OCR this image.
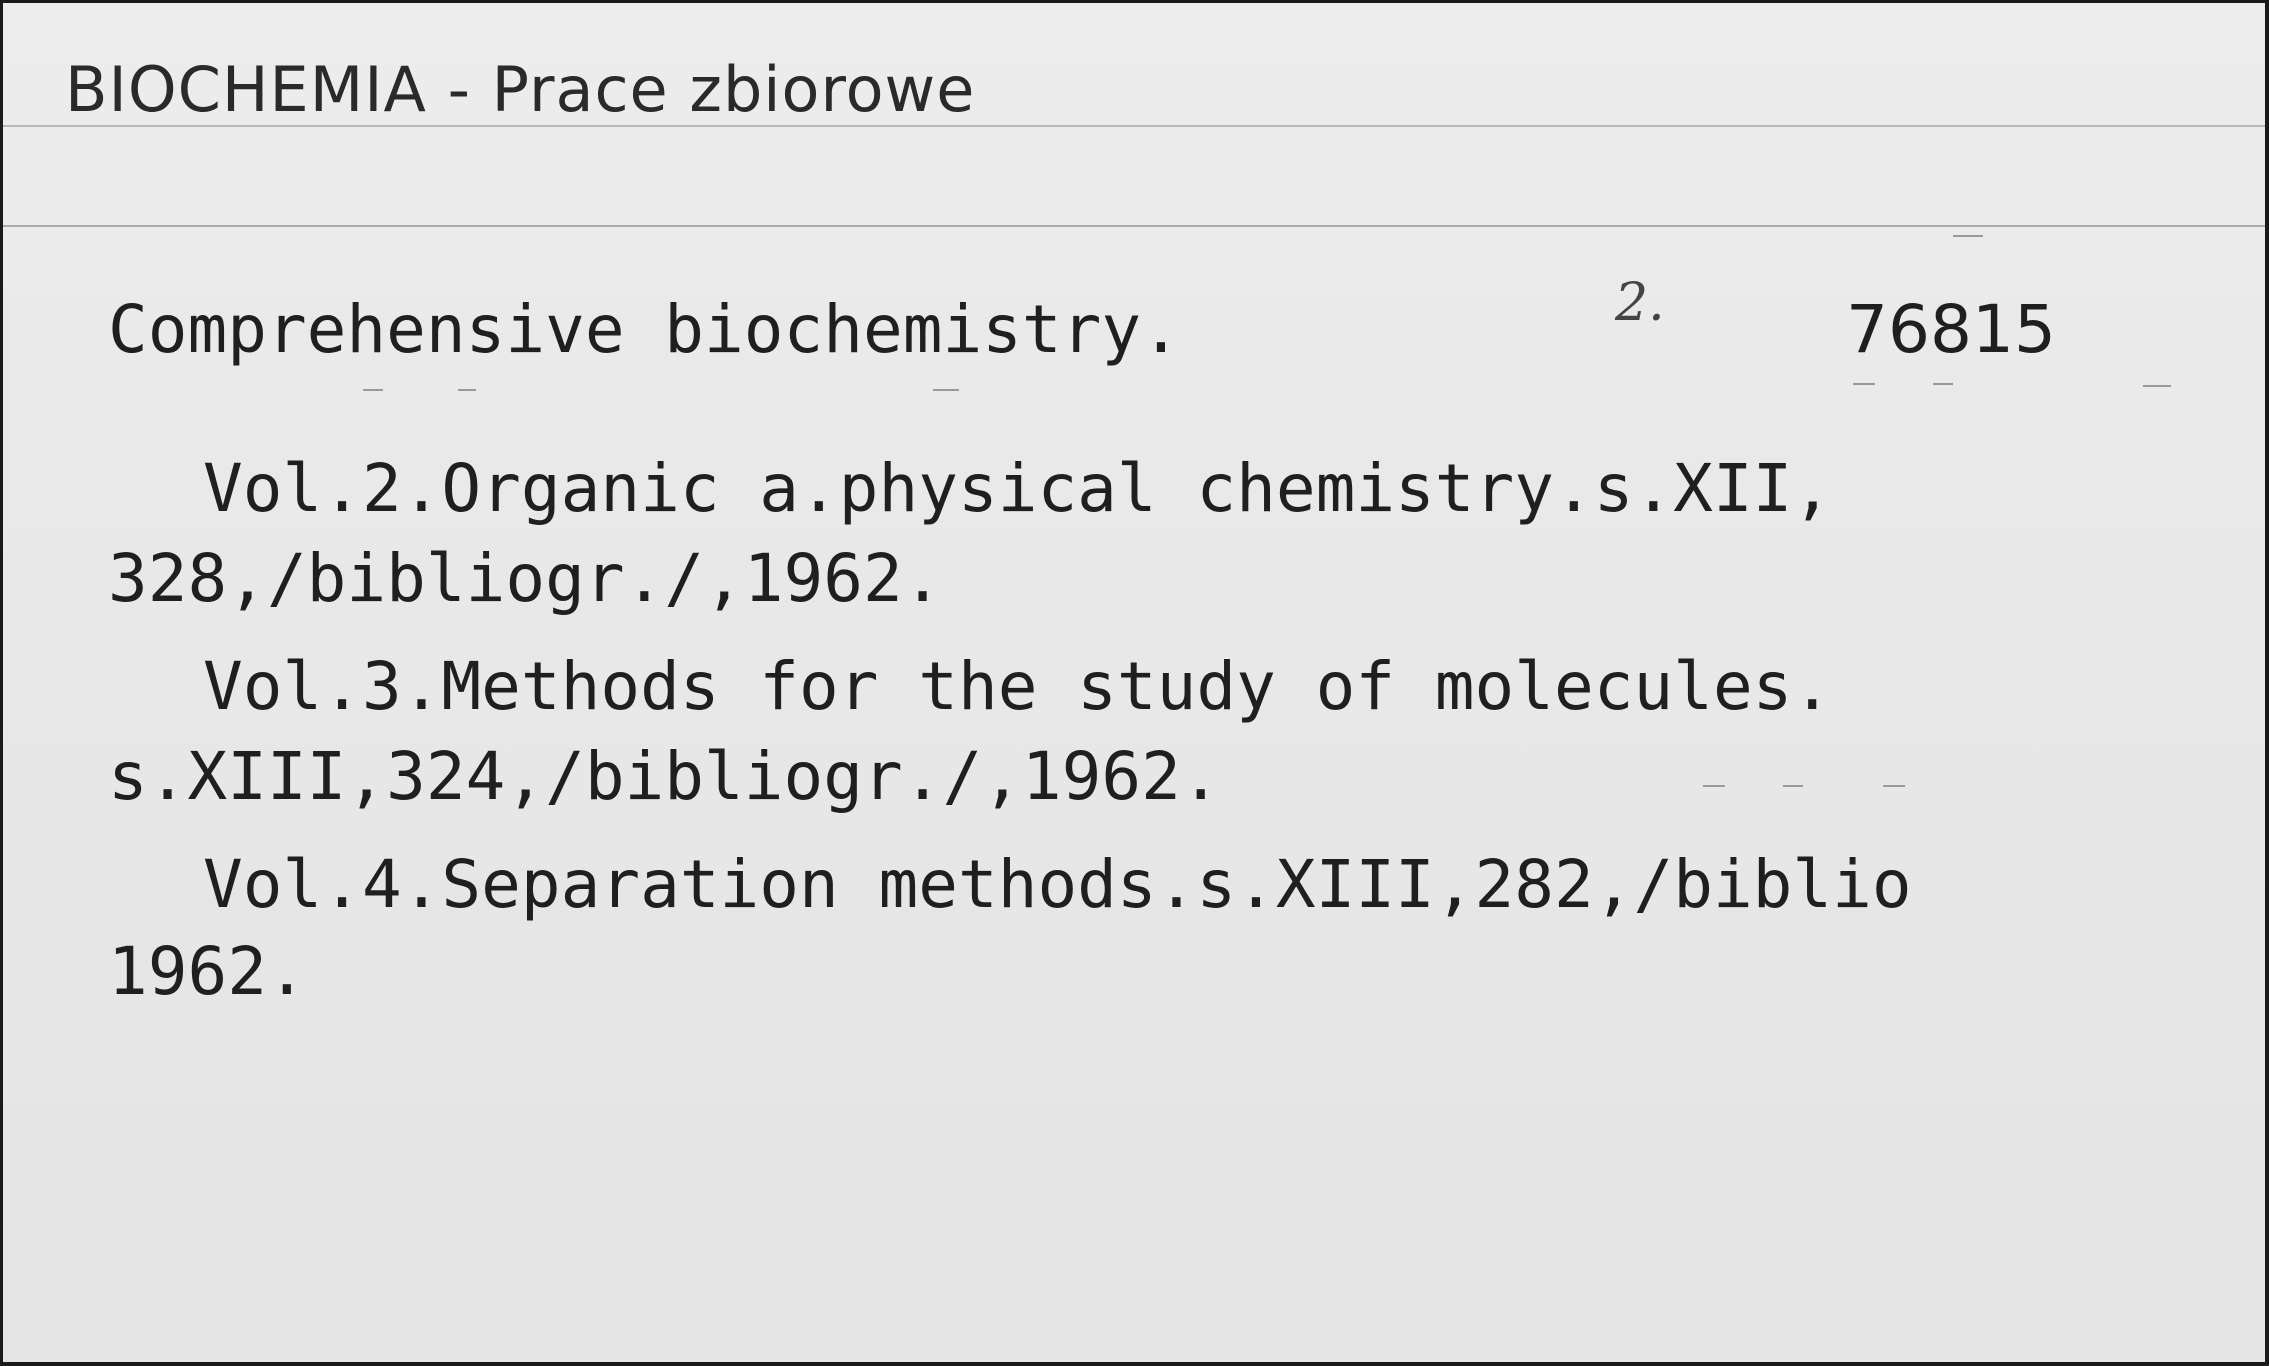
BIOCHEMIA - Prace zbiorowe
Comprehensive biochemistry.	2.	76815
Vol.2.Organic a.physical chemistry.s.XII,
328,/bibliogr./,1962.
Vol.3.Methods for the study of molecules.
s.XIII,324,/bibliogr./,1962.
Vol.4.Separation methods.s.XIII,282,/biblio
1962.
